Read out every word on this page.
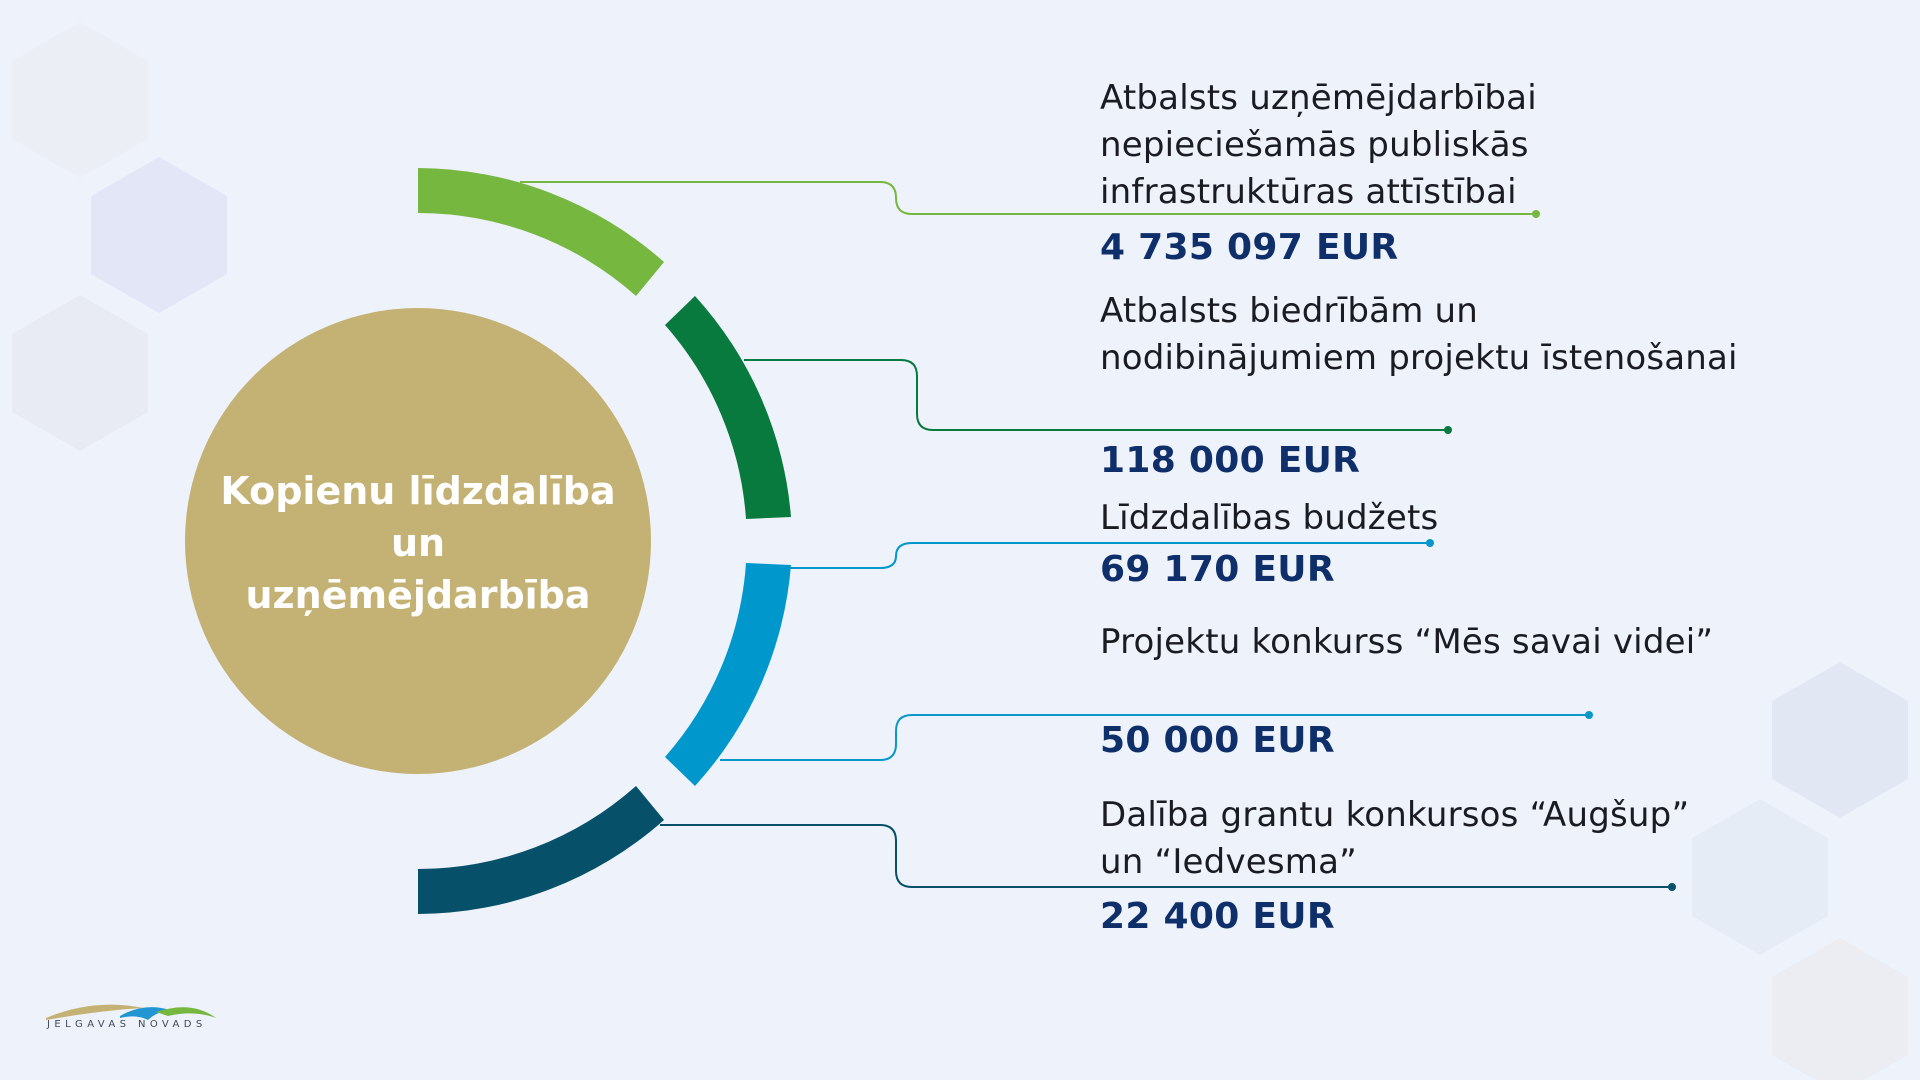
Kopienu līdzdalība un uzņēmējdarbība
Atbalsts uzņēmējdarbībai nepieciešamās publiskās infrastruktūras attīstībai
4 735 097 EUR
Atbalsts biedrībām un nodibinājumiem projektu īstenošanai
118 000 EUR
Līdzdalības budžets
69 170 EUR
Projektu konkurss “Mēs savai videi”
50 000 EUR
Dalība grantu konkursos “Augšup” un “Iedvesma”
22 400 EUR
JELGAVAS NOVADS
